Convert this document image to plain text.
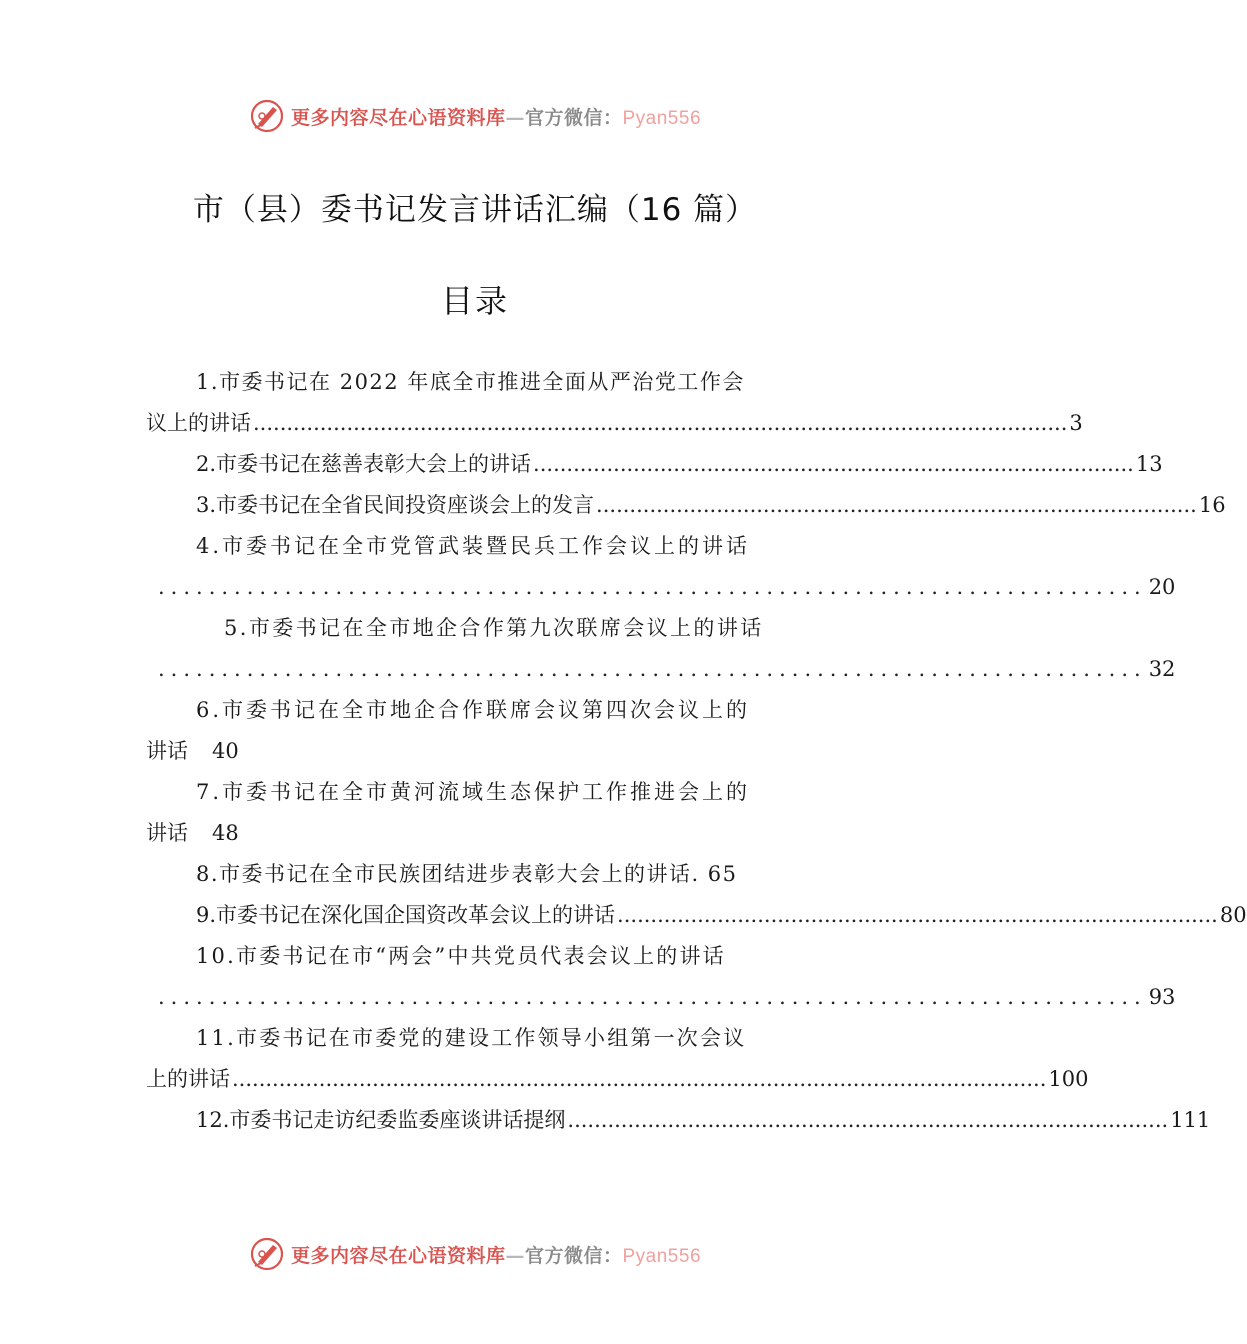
更多内容尽在心语资料库—官方微信：Pyan556
市（县）委书记发言讲话汇编（16 篇）
目录
1.市委书记在 2022 年底全市推进全面从严治党工作会
议上的讲话 .......................................................................................................................... 3
2.市委书记在慈善表彰大会上的讲话 .......................................................................................... 13
3.市委书记在全省民间投资座谈会上的发言 .......................................................................................... 16
4.市委书记在全市党管武装暨民兵工作会议上的讲话
.............................................................................. 20
5.市委书记在全市地企合作第九次联席会议上的讲话
.............................................................................. 32
6.市委书记在全市地企合作联席会议第四次会议上的
讲话 40
7.市委书记在全市黄河流域生态保护工作推进会上的
讲话 48
8.市委书记在全市民族团结进步表彰大会上的讲话. 65
9.市委书记在深化国企国资改革会议上的讲话 .......................................................................................... 80
10.市委书记在市“两会”中共党员代表会议上的讲话
.............................................................................. 93
11.市委书记在市委党的建设工作领导小组第一次会议
上的讲话 .......................................................................................................................... 100
12.市委书记走访纪委监委座谈讲话提纲 .......................................................................................... 111
更多内容尽在心语资料库—官方微信：Pyan556
